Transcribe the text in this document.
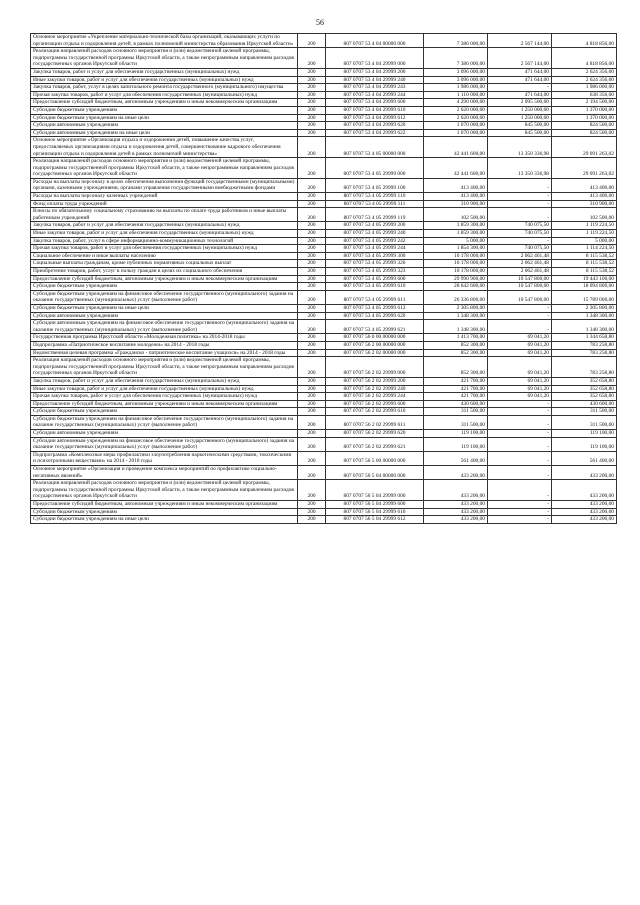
56
Основное мероприятие «Укрепление материально-технической базы организаций, оказывающих услуги по организации отдыха и оздоровления детей, в рамках полномочий министерства образования Иркутской области»	200	807 0707 53 4 04 00000 000	7 386 000,00	2 567 144,00	4 818 856,00
Реализация направлений расходов основного мероприятия и (или) ведомственной целевой программы, подпрограммы государственной программы Иркутской области, а также непрограммным направлениям расходов государственных органов Иркутской области	200	807 0707 53 4 04 29999 000	7 386 000,00	2 567 144,00	4 818 856,00
Закупка товаров, работ и услуг для обеспечения государственных (муниципальных) нужд	200	807 0707 53 4 04 29999 200	3 096 000,00	471 644,00	2 624 356,00
Иные закупки товаров, работ и услуг для обеспечения государственных (муниципальных) нужд	200	807 0707 53 4 04 29999 240	3 096 000,00	471 644,00	2 624 356,00
Закупка товаров, работ, услуг в целях капитального ремонта государственного (муниципального) имущества	200	807 0707 53 4 04 29999 243	1 986 000,00	-	1 986 000,00
Прочая закупка товаров, работ и услуг для обеспечения государственных (муниципальных) нужд	200	807 0707 53 4 04 29999 244	1 110 000,00	471 644,00	638 356,00
Предоставление субсидий бюджетным, автономным учреждениям и иным некоммерческим организациям	200	807 0707 53 4 04 29999 600	4 290 000,00	2 095 500,00	2 194 500,00
Субсидии бюджетным учреждениям	200	807 0707 53 4 04 29999 610	2 620 000,00	1 250 000,00	1 370 000,00
Субсидии бюджетным учреждениям на иные цели	200	807 0707 53 4 04 29999 612	2 620 000,00	1 250 000,00	1 370 000,00
Субсидии автономным учреждениям	200	807 0707 53 4 04 29999 620	1 670 000,00	845 500,00	824 500,00
Субсидии автономным учреждениям на иные цели	200	807 0707 53 4 04 29999 622	1 670 000,00	845 500,00	824 500,00
Основное мероприятие «Организация отдыха и оздоровления детей, повышение качества услуг, предоставляемых организациями отдыха и оздоровления детей, совершенствование кадрового обеспечения организации отдыха и оздоровления детей в рамках полномочий министерства»	200	807 0707 53 4 05 00000 000	42 441 600,00	13 350 336,98	29 091 263,02
Реализация направлений расходов основного мероприятия и (или) ведомственной целевой программы, подпрограммы государственной программы Иркутской области, а также непрограммным направлениям расходов государственных органов Иркутской области	200	807 0707 53 4 05 29999 000	42 441 600,00	13 350 336,98	29 091 263,02
Расходы на выплаты персоналу в целях обеспечения выполнения функций государственными (муниципальными) органами, казенными учреждениями, органами управления государственными внебюджетными фондами	200	807 0707 53 4 05 29999 100	413 400,00	-	413 400,00
Расходы на выплаты персоналу казенных учреждений	200	807 0707 53 4 05 29999 110	413 400,00	-	413 400,00
Фонд оплаты труда учреждений	200	807 0707 53 4 05 29999 111	310 900,00	-	310 900,00
Взносы по обязательному социальному страхованию на выплаты по оплате труда работников и иные выплаты работникам учреждений	200	807 0707 53 4 05 29999 119	102 500,00	-	102 500,00
Закупка товаров, работ и услуг для обеспечения государственных (муниципальных) нужд	200	807 0707 53 4 05 29999 200	1 859 300,00	740 075,50	1 119 224,50
Иные закупки товаров, работ и услуг для обеспечения государственных (муниципальных) нужд	200	807 0707 53 4 05 29999 240	1 859 300,00	740 075,50	1 119 224,50
Закупка товаров, работ, услуг в сфере информационно-коммуникационных технологий	200	807 0707 53 4 05 29999 242	5 000,00	-	5 000,00
Прочая закупка товаров, работ и услуг для обеспечения государственных (муниципальных) нужд	200	807 0707 53 4 05 29999 244	1 854 300,00	740 075,50	1 114 224,50
Социальное обеспечение и иные выплаты населению	200	807 0707 53 4 05 29999 300	10 178 000,00	2 062 461,48	8 115 538,52
Социальные выплаты гражданам, кроме публичных нормативных социальных выплат	200	807 0707 53 4 05 29999 320	10 178 000,00	2 062 461,48	8 115 538,52
Приобретение товаров, работ, услуг в пользу граждан в целях их социального обеспечения	200	807 0707 53 4 05 29999 323	10 178 000,00	2 062 461,48	8 115 538,52
Предоставление субсидий бюджетным, автономным учреждениям и иным некоммерческим организациям	200	807 0707 53 4 05 29999 600	29 990 900,00	10 547 800,00	19 443 100,00
Субсидии бюджетным учреждениям	200	807 0707 53 4 05 29999 610	28 642 600,00	10 547 800,00	18 094 800,00
Субсидии бюджетным учреждениям на финансовое обеспечение государственного (муниципального) задания на оказание государственных (муниципальных) услуг (выполнение работ)	200	807 0707 53 4 05 29999 611	26 336 800,00	10 547 800,00	15 789 000,00
Субсидии бюджетным учреждениям на иные цели	200	807 0707 53 4 05 29999 612	2 305 800,00	-	2 305 800,00
Субсидии автономным учреждениям	200	807 0707 53 4 05 29999 620	1 348 300,00	-	1 348 300,00
Субсидии автономным учреждениям на финансовое обеспечение государственного (муниципального) задания на оказание государственных (муниципальных) услуг (выполнение работ)	200	807 0707 53 4 05 29999 621	1 348 300,00	-	1 348 300,00
Государственная программа Иркутской области «Молодежная политика» на 2014-2018 годы	200	807 0707 56 0 00 00000 000	1 413 700,00	69 041,20	1 344 658,80
Подпрограмма «Патриотическое воспитание молодежи» на 2014 - 2018 годы	200	807 0707 56 2 00 00000 000	852 300,00	69 041,20	783 258,80
Ведомственная целевая программа «Гражданско - патриотическое воспитание учащихся» на 2014 - 2018 годы	200	807 0707 56 2 02 00000 000	852 300,00	69 041,20	783 258,80
Реализация направлений расходов основного мероприятия и (или) ведомственной целевой программы, подпрограммы государственной программы Иркутской области, а также непрограммным направлениям расходов государственных органов Иркутской области	200	807 0707 56 2 02 29999 000	852 300,00	69 041,20	783 258,80
Закупка товаров, работ и услуг для обеспечения государственных (муниципальных) нужд	200	807 0707 56 2 02 29999 200	421 700,00	69 041,20	352 658,80
Иные закупки товаров, работ и услуг для обеспечения государственных (муниципальных) нужд	200	807 0707 56 2 02 29999 240	421 700,00	69 041,20	352 658,80
Прочая закупка товаров, работ и услуг для обеспечения государственных (муниципальных) нужд	200	807 0707 56 2 02 29999 244	421 700,00	69 041,20	352 658,80
Предоставление субсидий бюджетным, автономным учреждениям и иным некоммерческим организациям	200	807 0707 56 2 02 29999 600	430 600,00	-	430 600,00
Субсидии бюджетным учреждениям	200	807 0707 56 2 02 29999 610	311 500,00	-	311 500,00
Субсидии бюджетным учреждениям на финансовое обеспечение государственного (муниципального) задания на оказание государственных (муниципальных) услуг (выполнение работ)	200	807 0707 56 2 02 29999 611	311 500,00	-	311 500,00
Субсидии автономным учреждениям	200	807 0707 56 2 02 29999 620	119 100,00	-	119 100,00
Субсидии автономным учреждениям на финансовое обеспечение государственного (муниципального) задания на оказание государственных (муниципальных) услуг (выполнение работ)	200	807 0707 56 2 02 29999 621	119 100,00	-	119 100,00
Подпрограмма «Комплексные меры профилактики злоупотребления наркотическими средствами, токсическими и психотропными веществами» на 2014 - 2018 годы	200	807 0707 56 5 00 00000 000	561 400,00	-	561 400,00
Основное мероприятие «Организация и проведение комплекса мероприятий по профилактике социально-негативных явлений»	200	807 0707 56 5 04 00000 000	433 200,00	-	433 200,00
Реализация направлений расходов основного мероприятия и (или) ведомственной целевой программы, подпрограммы государственной программы Иркутской области, а также непрограммным направлениям расходов государственных органов Иркутской области	200	807 0707 56 5 04 29999 000	433 200,00	-	433 200,00
Предоставление субсидий бюджетным, автономным учреждениям и иным некоммерческим организациям	200	807 0707 56 5 04 29999 600	433 200,00	-	433 200,00
Субсидии бюджетным учреждениям	200	807 0707 56 5 04 29999 610	433 200,00	-	433 200,00
Субсидии бюджетным учреждениям на иные цели	200	807 0707 56 5 04 29999 612	433 200,00	-	433 200,00
